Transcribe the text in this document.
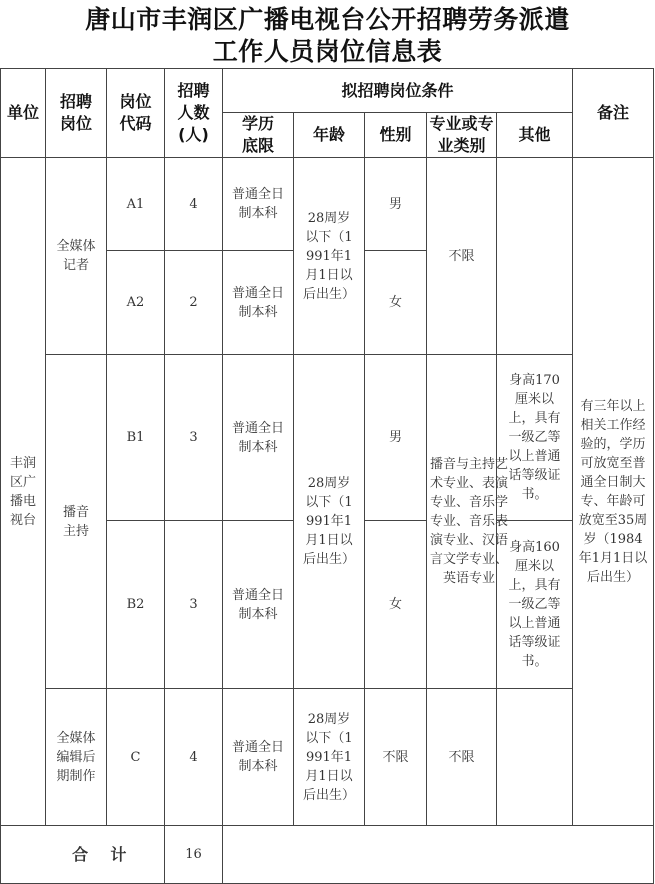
唐山市丰润区广播电视台公开招聘劳务派遣
工作人员岗位信息表
单位	招聘岗位	岗位代码	招聘人数(人)	拟招聘岗位条件					备注

				学历底限	年龄	性别	专业或专业类别	其他	

丰润区广播电视台	全媒体记者	A1	4	普通全日制本科	28周岁以下（1991年1月1日以后出生）	男	不限		有三年以上相关工作经验的，学历可放宽至普通全日制大专、年龄可放宽至35周岁（1984年1月1日以后出生）

		A2	2	普通全日制本科		女			

	播音主持	B1	3	普通全日制本科	28周岁以下（1991年1月1日以后出生）	男	播音与主持艺术专业、表演专业、音乐学专业、音乐表演专业、汉语言文学专业、英语专业	身高170厘米以上，具有一级乙等以上普通话等级证书。	

		B2	3	普通全日制本科		女		身高160厘米以上，具有一级乙等以上普通话等级证书。	

	全媒体编辑后期制作	C	4	普通全日制本科	28周岁以下（1991年1月1日以后出生）	不限	不限		

合    计			16						
